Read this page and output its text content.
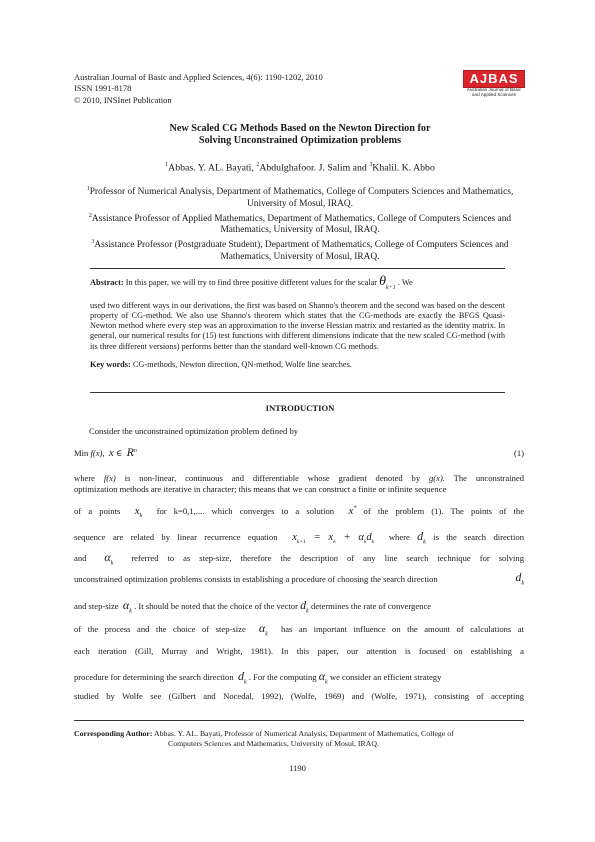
Australian Journal of Basic and Applied Sciences, 4(6): 1190-1202, 2010
ISSN 1991-8178
© 2010, INSInet Publication
AJBAS
Australian Journal of Basic and Applied Sciences
New Scaled CG Methods Based on the Newton Direction for
Solving Unconstrained Optimization problems
$^1$Abbas. Y. AL. Bayati, $^2$Abdulghafoor. J. Salim and $^3$Khalil. K. Abbo
$^1$Professor of Numerical Analysis, Department of Mathematics, College of Computers Sciences and Mathematics, University of Mosul, IRAQ.
$^2$Assistance Professor of Applied Mathematics, Department of Mathematics, College of Computers Sciences and Mathematics, University of Mosul, IRAQ.
$^3$Assistance Professor (Postgraduate Student), Department of Mathematics, College of Computers Sciences and Mathematics, University of Mosul, IRAQ.
Abstract: In this paper, we will try to find three positive different values for the scalar $\theta_{k+1}$ . We
used two different ways in our derivations, the first was based on Shanno's theorem and the second was based on the descent property of CG-method. We also use Shanno's theorem which states that the CG-methods are exactly the BFGS Quasi-Newton method where every step was an approximation to the inverse Hessian matrix and restarted as the identity matrix. In general, our numerical results for (15) test functions with different dimensions indicate that the new scaled CG-method (with its three different versions) performs better than the standard well-known CG methods.
Key words: CG-methods, Newton direction, QN-method, Wolfe line searches.
INTRODUCTION
Consider the unconstrained optimization problem defined by
Min f(x), x ∈ $R^n$	(1)
where f(x) is non-linear, continuous and differentiable whose gradient denoted by g(x). The unconstrained
optimization methods are iterative in character; this means that we can construct a finite or infinite sequence
of a points $x_k$  for k=0,1,.... which converges to a solution x* of the problem (1). The points of the
sequence are related by linear recurrence equation $x_{k+1} = x_k + \alpha_kd_k$  where $d_k$ is the search direction
and $\alpha_k$  referred to as step-size, therefore the description of any line search technique for solving
unconstrained optimization problems consists in establishing a procedure of choosing the search direction	$d_k$
and step-size $\alpha_k$ . It should be noted that the choice of the vector $d_k$ determines the rate of convergence
of the process and the choice of step-size $\alpha_k$  has an important influence on the amount of calculations at
each iteration (Gill, Murray and Wright, 1981). In this paper, our attention is focused on establishing a
procedure for determining the search direction $d_k$ . For the computing $\alpha_k$ we consider an efficient strategy
studied by Wolfe see (Gilbert and Nocedal, 1992), (Wolfe, 1969) and (Wolfe, 1971), consisting of accepting
Corresponding Author: Abbas. Y. AL. Bayati, Professor of Numerical Analysis, Department of Mathematics, College of
Computers Sciences and Mathematics, University of Mosul, IRAQ.
1190
